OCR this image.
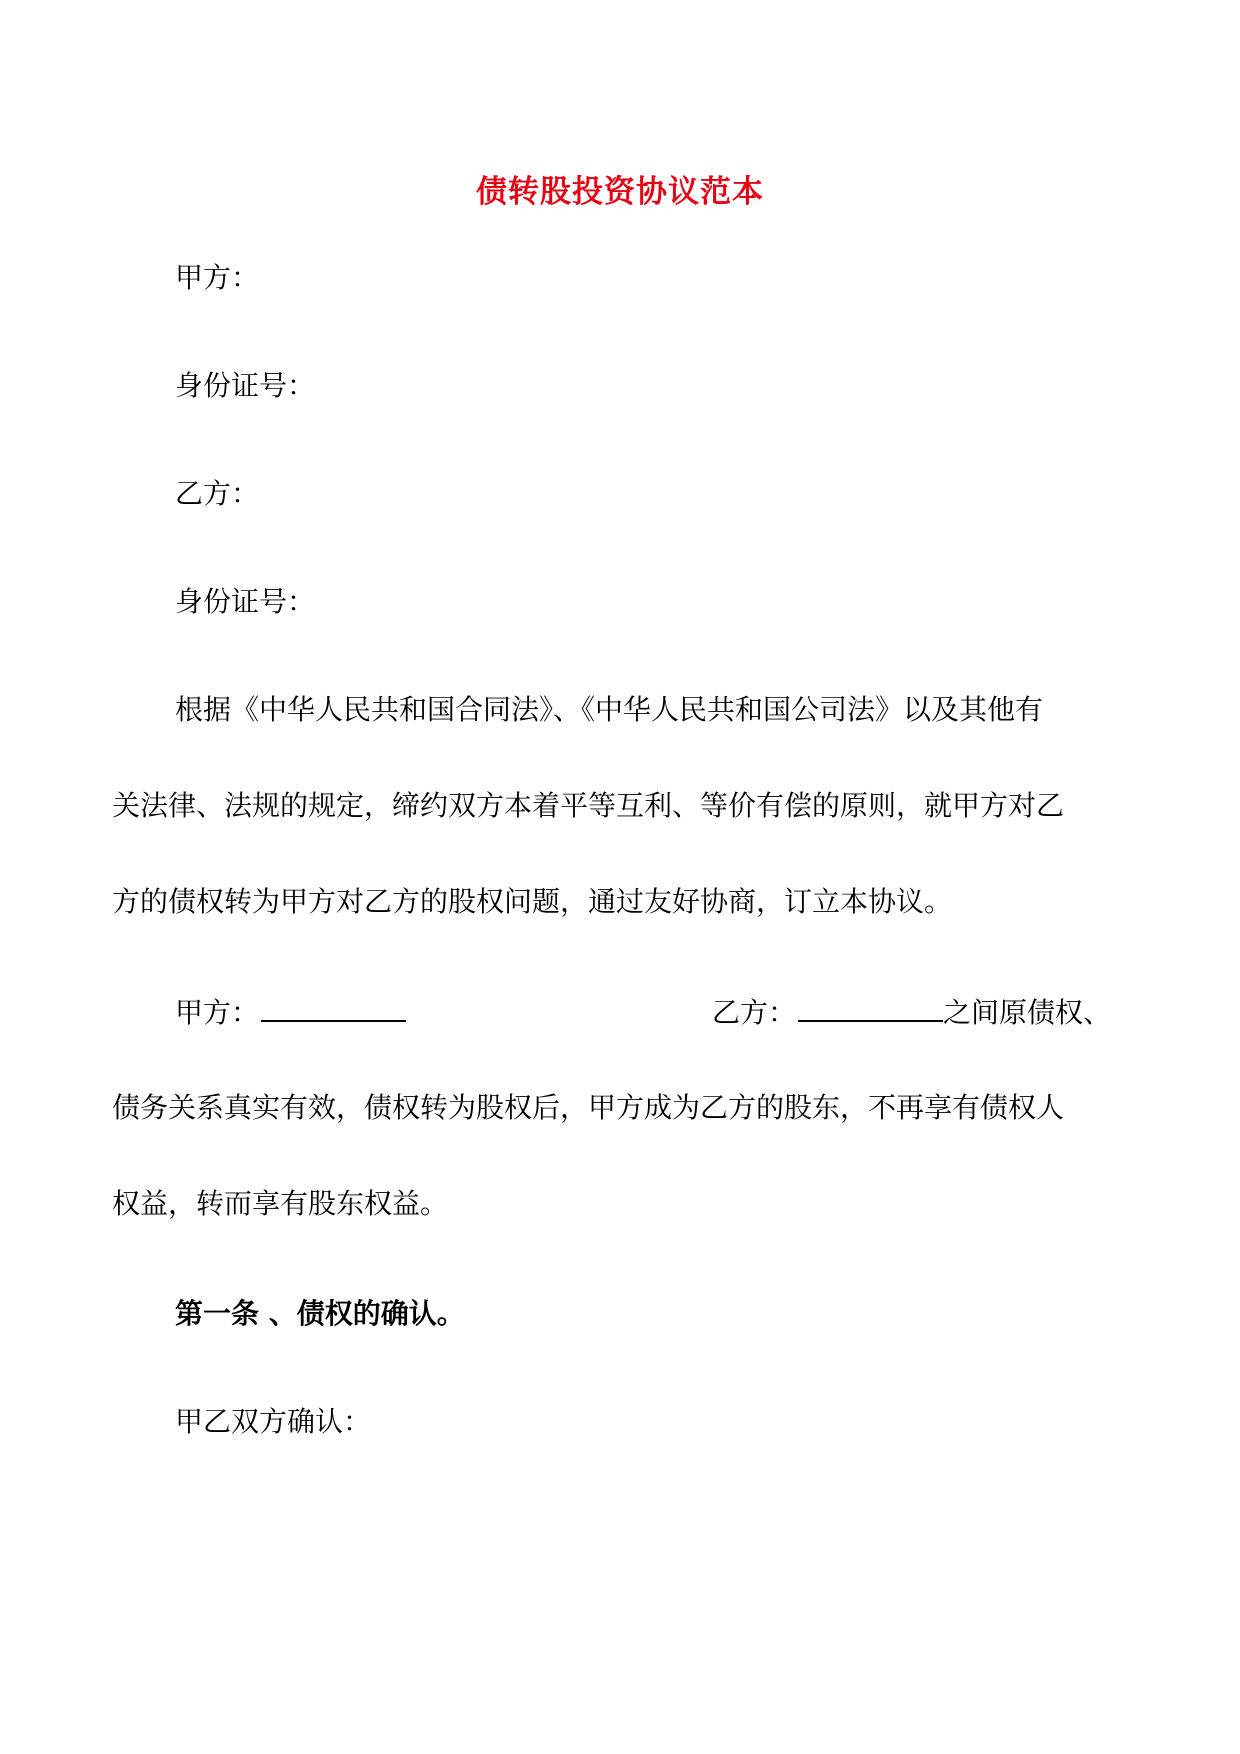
债转股投资协议范本
甲方：
身份证号：
乙方：
身份证号：
根据《中华人民共和国合同法》、《中华人民共和国公司法》以及其他有
关法律、法规的规定，缔约双方本着平等互利、等价有偿的原则，就甲方对乙
方的债权转为甲方对乙方的股权问题，通过友好协商，订立本协议。
甲方：	乙方：	之间原债权、
债务关系真实有效，债权转为股权后，甲方成为乙方的股东，不再享有债权人
权益，转而享有股东权益。
第一条 、债权的确认。
甲乙双方确认：
